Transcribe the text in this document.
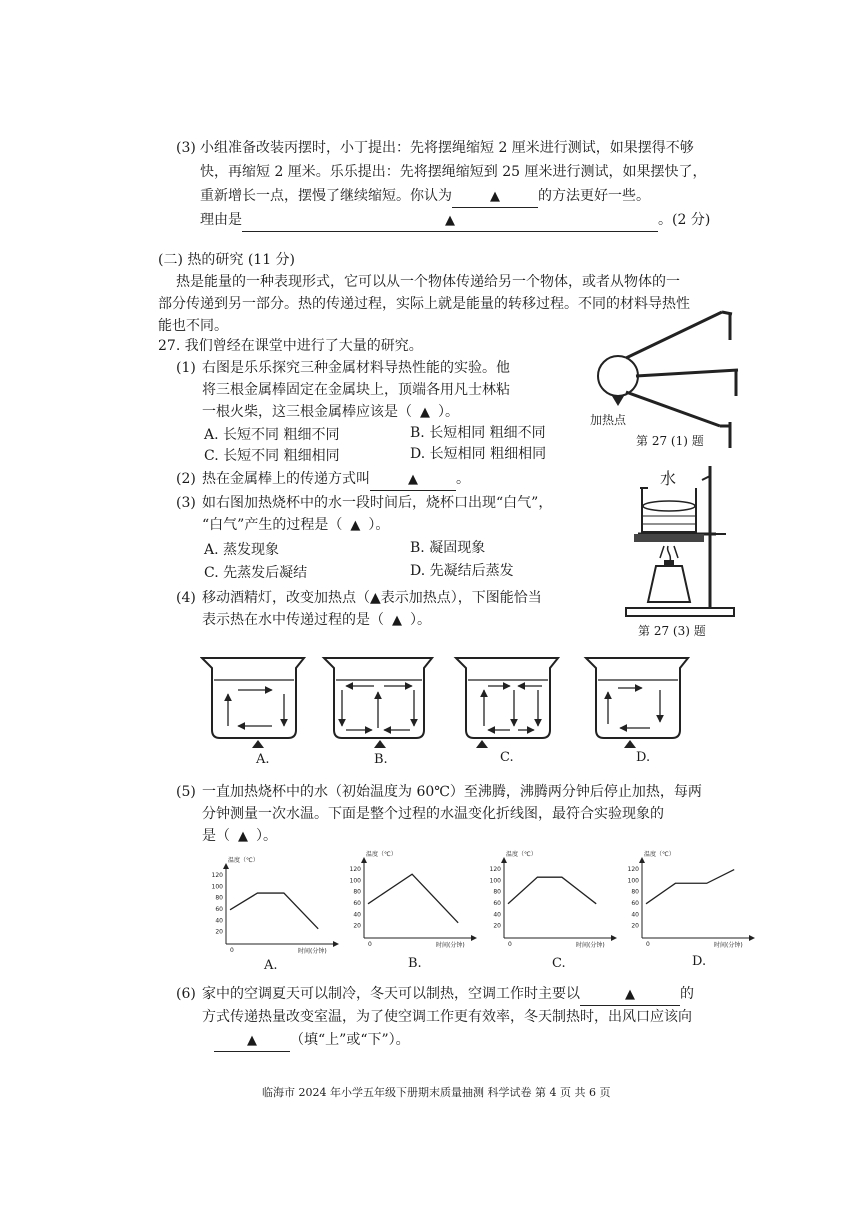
(3) 小组准备改装丙摆时，小丁提出：先将摆绳缩短 2 厘米进行测试，如果摆得不够
快，再缩短 2 厘米。乐乐提出：先将摆绳缩短到 25 厘米进行测试，如果摆快了，
重新增长一点，摆慢了继续缩短。你认为	▲	的方法更好一些。
理由是	▲	。(2 分)
(二) 热的研究 (11 分)
热是能量的一种表现形式，它可以从一个物体传递给另一个物体，或者从物体的一
部分传递到另一部分。热的传递过程，实际上就是能量的转移过程。不同的材料导热性
能也不同。
27. 我们曾经在课堂中进行了大量的研究。
(1) 右图是乐乐探究三种金属材料导热性能的实验。他
将三根金属棒固定在金属块上，顶端各用凡士林粘
一根火柴，这三根金属棒应该是（ ▲ ）。
A. 长短不同 粗细不同	B. 长短相同 粗细不同
C. 长短不同 粗细相同	D. 长短相同 粗细相同
加热点
第 27 (1) 题
(2) 热在金属棒上的传递方式叫	▲	。
(3) 如右图加热烧杯中的水一段时间后，烧杯口出现“白气”，
“白气”产生的过程是（ ▲ ）。
A. 蒸发现象	B. 凝固现象
C. 先蒸发后凝结	D. 先凝结后蒸发
水
第 27 (3) 题
(4) 移动酒精灯，改变加热点（▲表示加热点），下图能恰当
表示热在水中传递过程的是（ ▲ ）。
A.	B.	C.	D.
(5) 一直加热烧杯中的水（初始温度为 60℃）至沸腾，沸腾两分钟后停止加热，每两
分钟测量一次水温。下面是整个过程的水温变化折线图，最符合实验现象的
是（ ▲ ）。
120
100
80
60
40
20
0
温度（℃）
时间(分钟)
120
100
80
60
40
20
0
温度（℃）
时间(分钟)
120
100
80
60
40
20
0
温度（℃）
时间(分钟)
120
100
80
60
40
20
0
温度（℃）
时间(分钟)
A.	B.	C.	D.
(6) 家中的空调夏天可以制冷，冬天可以制热，空调工作时主要以	▲	的
方式传递热量改变室温，为了使空调工作更有效率，冬天制热时，出风口应该向
▲ （填“上”或“下”）。
临海市 2024 年小学五年级下册期末质量抽测 科学试卷 第 4 页 共 6 页
